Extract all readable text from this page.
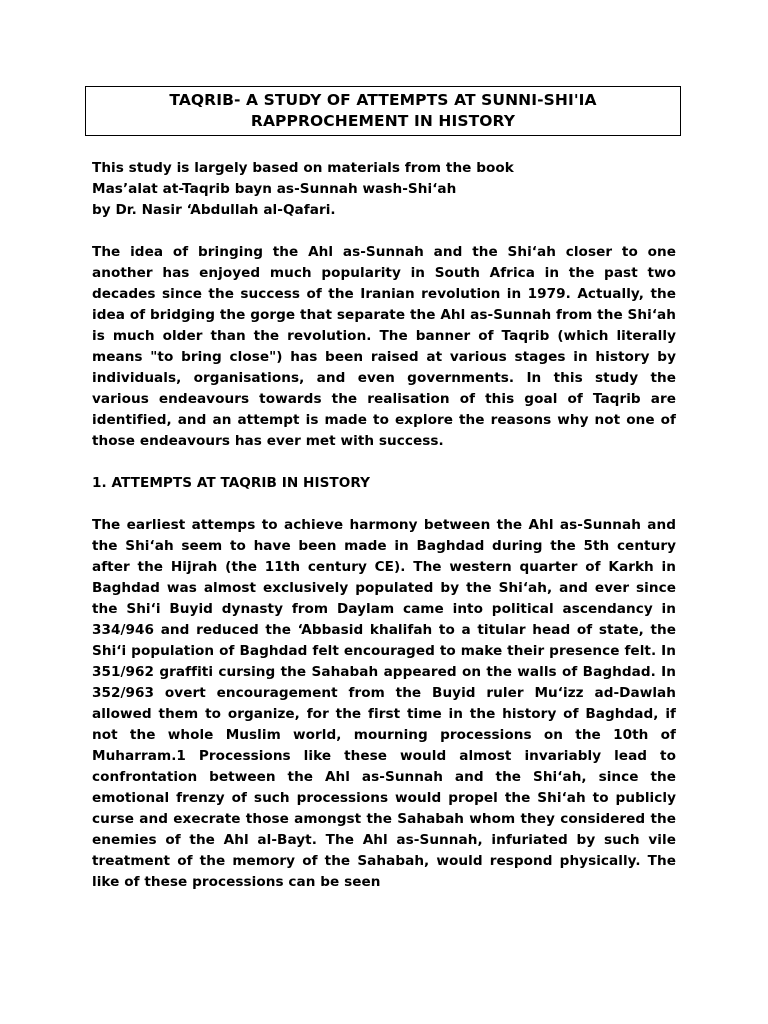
TAQRIB- A STUDY OF ATTEMPTS AT SUNNI-SHI'IA
RAPPROCHEMENT IN HISTORY
This study is largely based on materials from the book
Mas’alat at-Taqrib bayn as-Sunnah wash-Shi‘ah
by Dr. Nasir ‘Abdullah al-Qafari.

The idea of bringing the Ahl as-Sunnah and the Shi‘ah closer to one another has enjoyed much popularity in South Africa in the past two decades since the success of the Iranian revolution in 1979. Actually, the idea of bridging the gorge that separate the Ahl as-Sunnah from the Shi‘ah is much older than the revolution. The banner of Taqrib (which literally means "to bring close") has been raised at various stages in history by individuals, organisations, and even governments. In this study the various endeavours towards the realisation of this goal of Taqrib are identified, and an attempt is made to explore the reasons why not one of those endeavours has ever met with success.

1. ATTEMPTS AT TAQRIB IN HISTORY

The earliest attemps to achieve harmony between the Ahl as-Sunnah and the Shi‘ah seem to have been made in Baghdad during the 5th century after the Hijrah (the 11th century CE). The western quarter of Karkh in Baghdad was almost exclusively populated by the Shi‘ah, and ever since the Shi‘i Buyid dynasty from Daylam came into political ascendancy in 334/946 and reduced the ‘Abbasid khalifah to a titular head of state, the Shi‘i population of Baghdad felt encouraged to make their presence felt. In 351/962 graffiti cursing the Sahabah appeared on the walls of Baghdad. In 352/963 overt encouragement from the Buyid ruler Mu‘izz ad-Dawlah allowed them to organize, for the first time in the history of Baghdad, if not the whole Muslim world, mourning processions on the 10th of Muharram.1 Processions like these would almost invariably lead to confrontation between the Ahl as-Sunnah and the Shi‘ah, since the emotional frenzy of such processions would propel the Shi‘ah to publicly curse and execrate those amongst the Sahabah whom they considered the enemies of the Ahl al-Bayt. The Ahl as-Sunnah, infuriated by such vile treatment of the memory of the Sahabah, would respond physically. The like of these processions can be seen
